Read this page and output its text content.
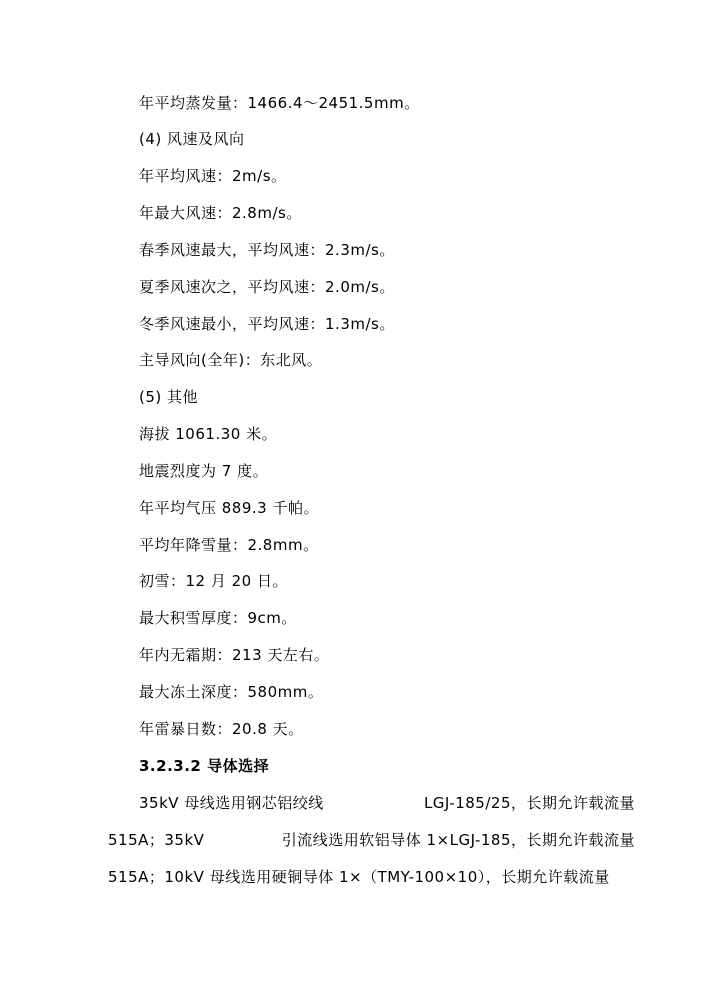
年平均蒸发量：1466.4～2451.5mm。
(4) 风速及风向
年平均风速：2m/s。
年最大风速：2.8m/s。
春季风速最大，平均风速：2.3m/s。
夏季风速次之，平均风速：2.0m/s。
冬季风速最小，平均风速：1.3m/s。
主导风向(全年)：东北风。
(5) 其他
海拔 1061.30 米。
地震烈度为 7 度。
年平均气压 889.3 千帕。
平均年降雪量：2.8mm。
初雪：12 月 20 日。
最大积雪厚度：9cm。
年内无霜期：213 天左右。
最大冻土深度：580mm。
年雷暴日数：20.8 天。
3.2.3.2 导体选择
35kV 母线选用钢芯铝绞线	LGJ-185/25，长期允许载流量
515A；35kV	引流线选用软铝导体 1×LGJ-185，长期允许载流量
515A；10kV 母线选用硬铜导体 1×（TMY-100×10），长期允许载流量
